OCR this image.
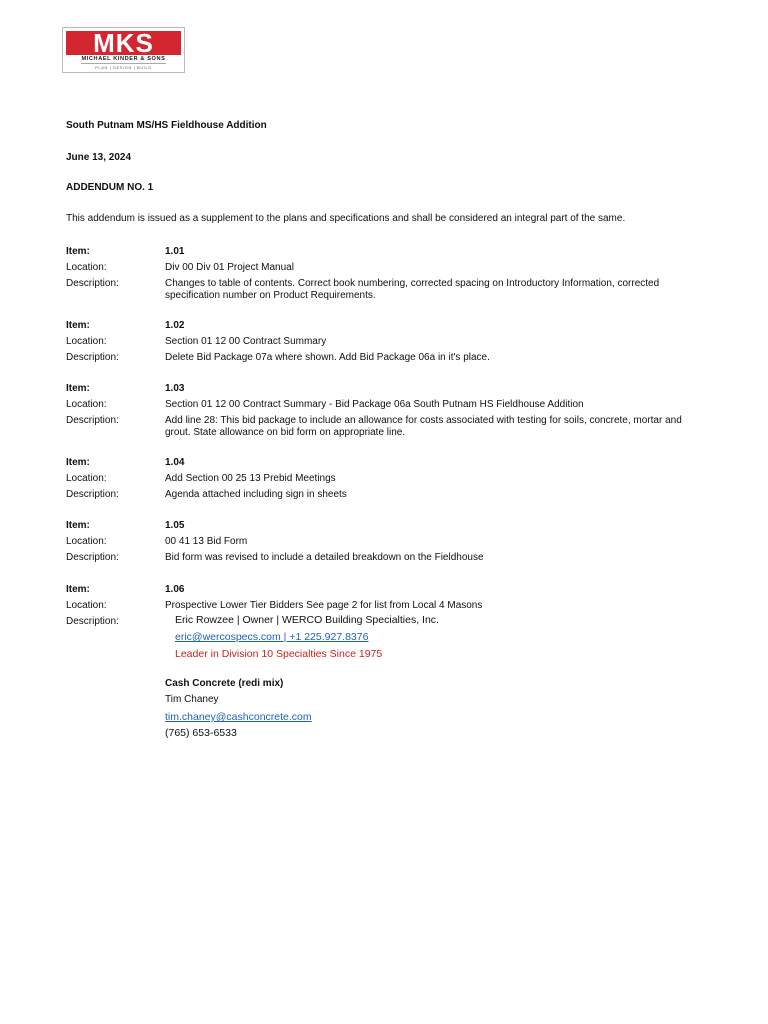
MKS
MICHAEL KINDER & SONS
PLAN | DESIGN | BUILD
South Putnam MS/HS Fieldhouse Addition
June 13, 2024
ADDENDUM NO. 1
This addendum is issued as a supplement to the plans and specifications and shall be considered an integral part of the same.
Item:	1.01
Location:	Div 00 Div 01 Project Manual
Description:	Changes to table of contents. Correct book numbering, corrected spacing on Introductory Information, corrected specification number on Product Requirements.
Item:	1.02
Location:	Section 01 12 00 Contract Summary
Description:	Delete Bid Package 07a where shown. Add Bid Package 06a in it's place.
Item:	1.03
Location:	Section 01 12 00 Contract Summary - Bid Package 06a South Putnam HS Fieldhouse Addition
Description:	Add line 28: This bid package to include an allowance for costs associated with testing for soils, concrete, mortar and grout. State allowance on bid form on appropriate line.
Item:	1.04
Location:	Add Section 00 25 13 Prebid Meetings
Description:	Agenda attached including sign in sheets
Item:	1.05
Location:	00 41 13 Bid Form
Description:	Bid form was revised to include a detailed breakdown on the Fieldhouse
Item:	1.06
Location:	Prospective Lower Tier Bidders See page 2 for list from Local 4 Masons
Description:	Eric Rowzee | Owner | WERCO Building Specialties, Inc.
eric@wercospecs.com | +1 225.927.8376
Leader in Division 10 Specialties Since 1975
Cash Concrete (redi mix)
Tim Chaney
tim.chaney@cashconcrete.com
(765) 653-6533
